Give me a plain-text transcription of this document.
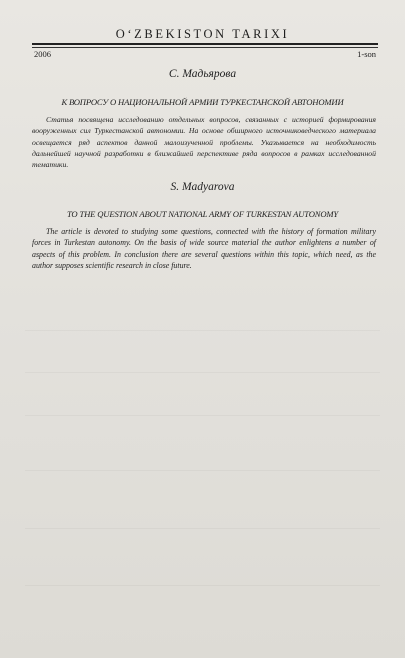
O‘ZBEKISTON TARIXI
2006	1-son
С. Мадьярова
К ВОПРОСУ О НАЦИОНАЛЬНОЙ АРМИИ ТУРКЕСТАНСКОЙ АВТОНОМИИ

Статья посвящена исследованию отдельных вопросов, связанных с историей формирования вооруженных сил Туркестанской автономии. На основе обширного источниковедческого материала освещается ряд аспектов данной малоизученной проблемы. Указывается на необходимость дальнейшей научной разработки в ближайшей перспективе ряда вопросов в рамках исследованной тематики.

S. Madyarova
TO THE QUESTION ABOUT NATIONAL ARMY OF TURKESTAN AUTONOMY

The article is devoted to studying some questions, connected with the history of formation military forces in Turkestan autonomy. On the basis of wide source material the author enlightens a number of aspects of this problem. In conclusion there are several questions within this topic, which need, as the author supposes scientific research in close future.
